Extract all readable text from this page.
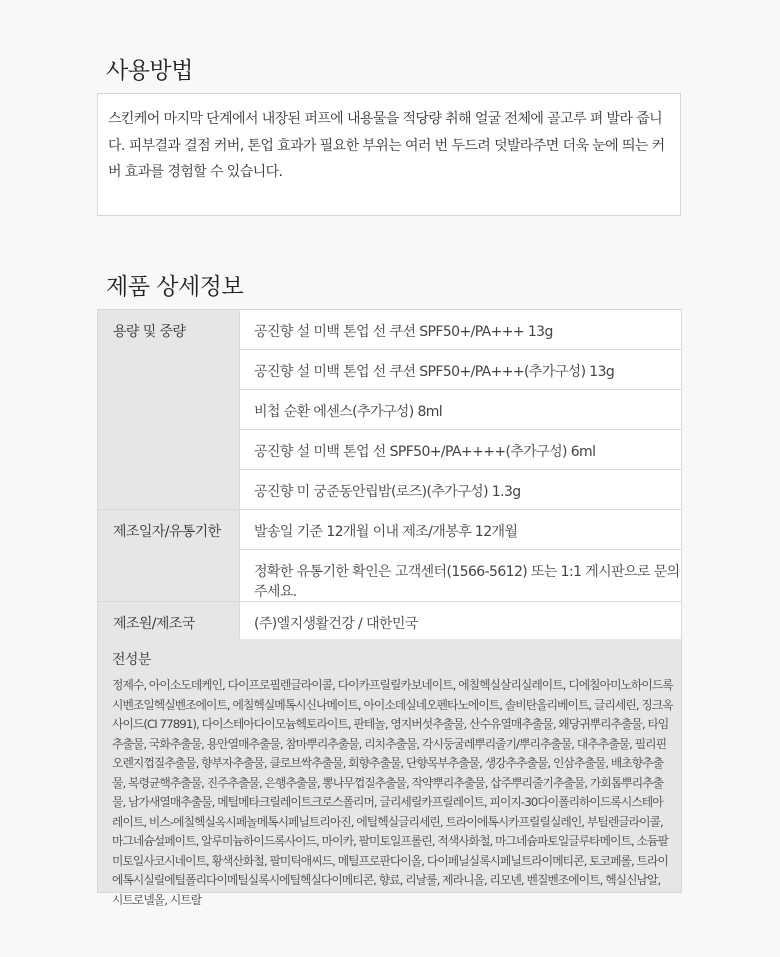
사용방법
스킨케어 마지막 단계에서 내장된 퍼프에 내용물을 적당량 취해 얼굴 전체에 골고루 펴 발라 줍니다. 피부결과 결점 커버, 톤업 효과가 필요한 부위는 여러 번 두드려 덧발라주면 더욱 눈에 띄는 커버 효과를 경험할 수 있습니다.
제품 상세정보
용량 및 중량	공진향 설 미백 톤업 선 쿠션 SPF50+/PA+++ 13g
	공진향 설 미백 톤업 선 쿠션 SPF50+/PA+++(추가구성) 13g
	비첩 순환 에센스(추가구성) 8ml
	공진향 설 미백 톤업 선 SPF50+/PA++++(추가구성) 6ml
	공진향 미 궁준동안립밤(로즈)(추가구성) 1.3g
제조일자/유통기한	발송일 기준 12개월 이내 제조/개봉후 12개월
	정확한 유통기한 확인은 고객센터(1566-5612) 또는 1:1 게시판으로 문의주세요.
제조원/제조국	(주)엘지생활건강 / 대한민국
전성분
정제수, 아이소도데케인, 다이프로필렌글라이콜, 다이카프릴릴카보네이트, 에칠헥실살리실레이트, 디에칠아미노하이드록시벤조일헥실벤조에이트, 에칠헥실메톡시신나메이트, 아이소데실네오펜타노에이트, 솔비탄올리베이트, 글리세린, 징크옥사이드(CI 77891), 다이스테아다이모늄헥토라이트, 판테놀, 영지버섯추출물, 산수유열매추출물, 왜당귀뿌리추출물, 타임추출물, 국화추출물, 용안열매추출물, 참마뿌리추출물, 리치추출물, 각시둥굴레뿌리줄기/뿌리추출물, 대추추출물, 필리핀오렌지껍질추출물, 향부자추출물, 클로브싹추출물, 회향추출물, 단향목부추출물, 생강추추출물, 인삼추출물, 배초향추출물, 복령균핵추출물, 진주추출물, 은행추출물, 뽕나무껍질추출물, 작약뿌리추출물, 삽주뿌리줄기추출물, 가회톱뿌리추출물, 남가새열매추출물, 메틸메타크릴레이트크로스폴리머, 글리세릴카프릴레이트, 피이지-30다이폴리하이드록시스테아레이트, 비스-에칠헥실옥시페놀메톡시페닐트리아진, 에틸헥실글리세린, 트라이에톡시카프릴릴실레인, 부틸렌글라이콜, 마그네슘설페이트, 알루미늄하이드록사이드, 마이카, 팔미토일프롤린, 적색사화철, 마그네슘파토일글루타메이트, 소듐팔미토일사코시네이트, 황색산화철, 팔미틱애씨드, 메틸프로판다이올, 다이페닐실록시페닐트라이메티콘, 토코페롤, 트라이에톡시실릴에틸폴리다이메틸실록시에틸헥실다이메티콘, 향료, 리날룰, 제라니올, 리모넨, 벤질벤조에이트, 헥실신남알, 시트로넬올, 시트랄
